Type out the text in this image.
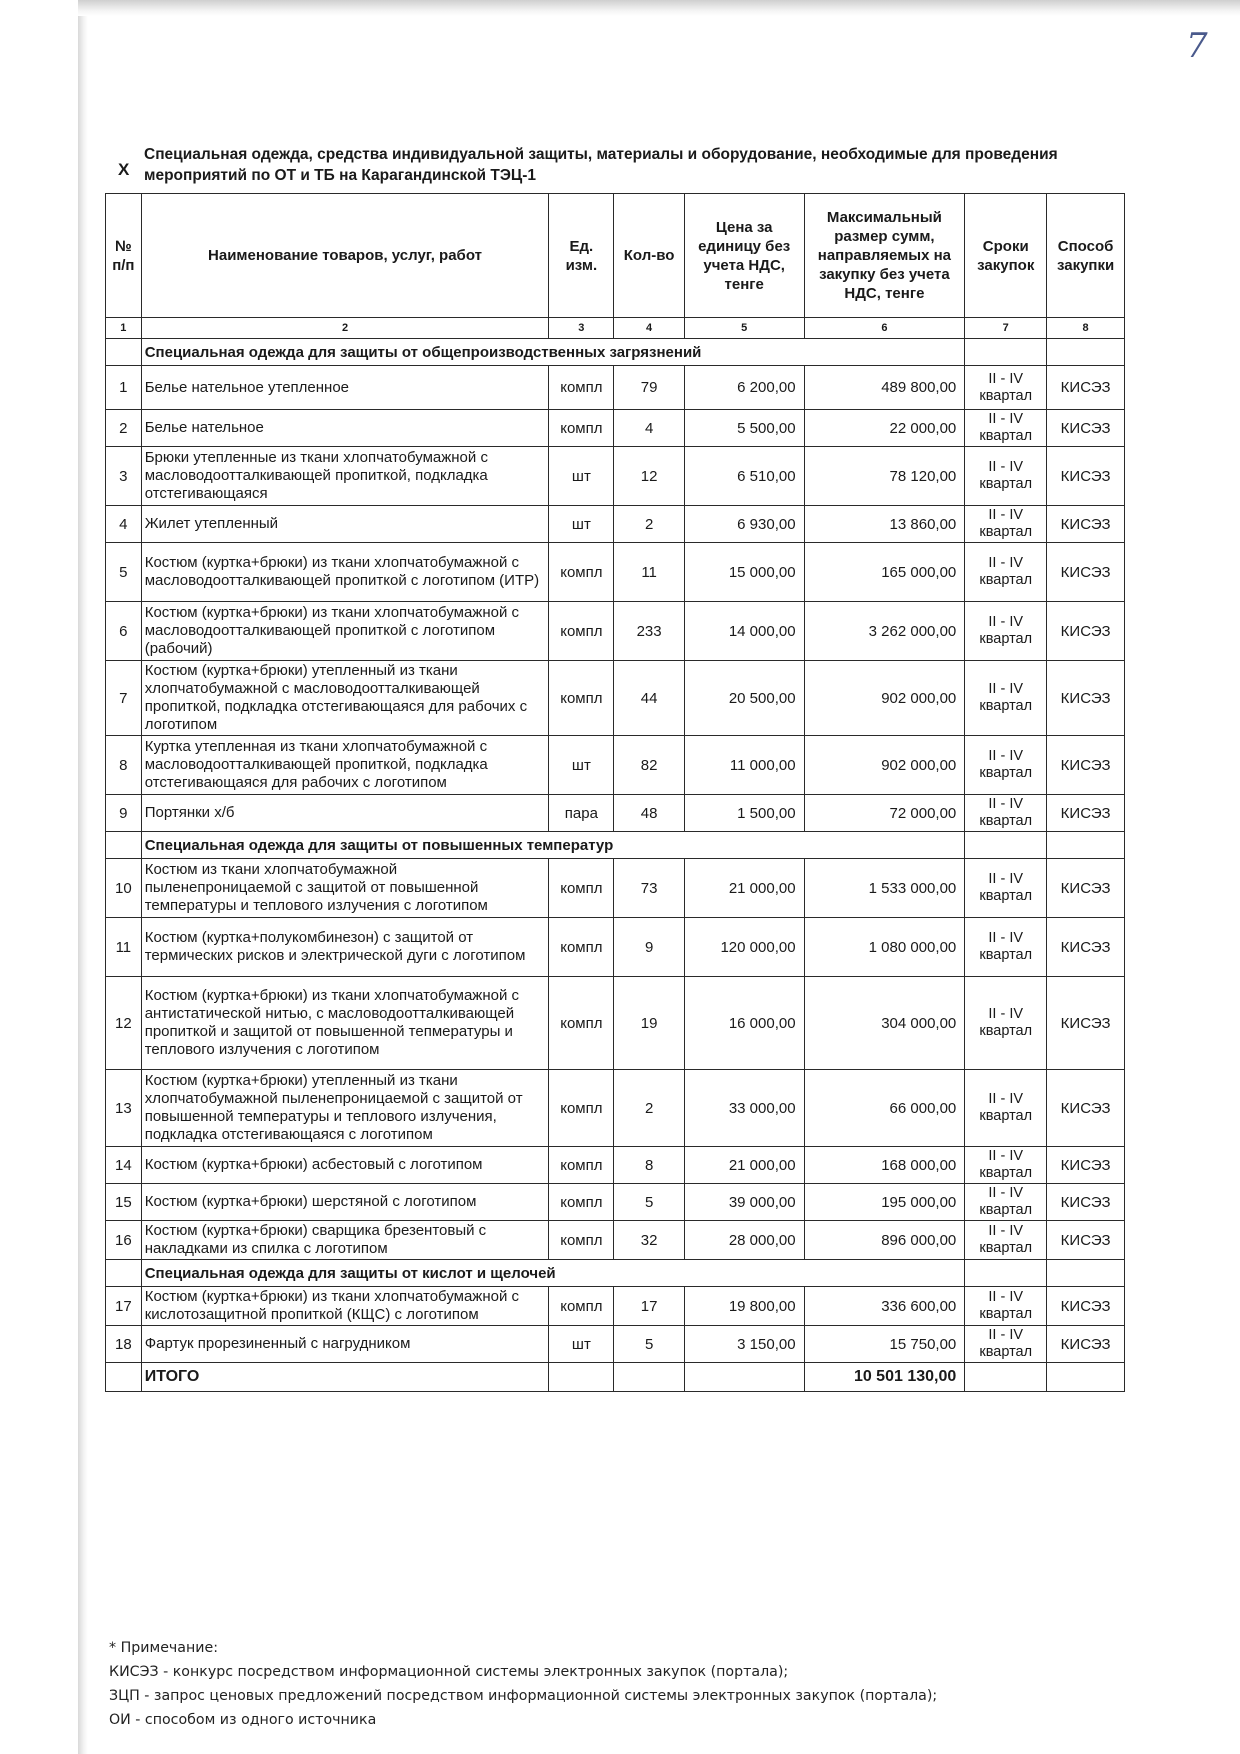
7
X
Специальная одежда, средства индивидуальной защиты, материалы и оборудование, необходимые для проведения мероприятий по ОТ и ТБ на Карагандинской ТЭЦ-1
№ п/п	Наименование товаров, услуг, работ	Ед. изм.	Кол-во	Цена за единицу без учета НДС, тенге	Максимальный размер сумм, направляемых на закупку без учета НДС, тенге	Сроки закупок	Способ закупки
1	2	3	4	5	6	7	8
	Специальная одежда для защиты от общепроизводственных загрязнений						
1	Белье нательное утепленное	компл	79	6 200,00	489 800,00	II - IV квартал	КИСЭЗ
2	Белье нательное	компл	4	5 500,00	22 000,00	II - IV квартал	КИСЭЗ
3	Брюки утепленные из ткани хлопчатобумажной с масловодоотталкивающей пропиткой, подкладка отстегивающаяся	шт	12	6 510,00	78 120,00	II - IV квартал	КИСЭЗ
4	Жилет утепленный	шт	2	6 930,00	13 860,00	II - IV квартал	КИСЭЗ
5	Костюм (куртка+брюки) из ткани хлопчатобумажной с масловодоотталкивающей пропиткой с логотипом (ИТР)	компл	11	15 000,00	165 000,00	II - IV квартал	КИСЭЗ
6	Костюм (куртка+брюки) из ткани хлопчатобумажной с масловодоотталкивающей пропиткой с логотипом (рабочий)	компл	233	14 000,00	3 262 000,00	II - IV квартал	КИСЭЗ
7	Костюм (куртка+брюки) утепленный из ткани хлопчатобумажной с масловодоотталкивающей пропиткой, подкладка отстегивающаяся для рабочих с логотипом	компл	44	20 500,00	902 000,00	II - IV квартал	КИСЭЗ
8	Куртка утепленная из ткани хлопчатобумажной с масловодоотталкивающей пропиткой, подкладка отстегивающаяся для рабочих с логотипом	шт	82	11 000,00	902 000,00	II - IV квартал	КИСЭЗ
9	Портянки х/б	пара	48	1 500,00	72 000,00	II - IV квартал	КИСЭЗ
	Специальная одежда для защиты от повышенных температур						
10	Костюм из ткани хлопчатобумажной пыленепроницаемой с защитой от повышенной температуры и теплового излучения с логотипом	компл	73	21 000,00	1 533 000,00	II - IV квартал	КИСЭЗ
11	Костюм (куртка+полукомбинезон) с защитой от термических рисков и электрической дуги с логотипом	компл	9	120 000,00	1 080 000,00	II - IV квартал	КИСЭЗ
12	Костюм (куртка+брюки) из ткани хлопчатобумажной с антистатической нитью, с масловодоотталкивающей пропиткой и защитой от повышенной тепмературы и теплового излучения с логотипом	компл	19	16 000,00	304 000,00	II - IV квартал	КИСЭЗ
13	Костюм (куртка+брюки) утепленный из ткани хлопчатобумажной пыленепроницаемой с защитой от повышенной температуры и теплового излучения, подкладка отстегивающаяся с логотипом	компл	2	33 000,00	66 000,00	II - IV квартал	КИСЭЗ
14	Костюм (куртка+брюки) асбестовый с логотипом	компл	8	21 000,00	168 000,00	II - IV квартал	КИСЭЗ
15	Костюм (куртка+брюки) шерстяной с логотипом	компл	5	39 000,00	195 000,00	II - IV квартал	КИСЭЗ
16	Костюм (куртка+брюки) сварщика брезентовый с накладками из спилка с логотипом	компл	32	28 000,00	896 000,00	II - IV квартал	КИСЭЗ
	Специальная одежда для защиты от кислот и щелочей						
17	Костюм (куртка+брюки) из ткани хлопчатобумажной с кислотозащитной пропиткой (КЩС) с логотипом	компл	17	19 800,00	336 600,00	II - IV квартал	КИСЭЗ
18	Фартук прорезиненный с нагрудником	шт	5	3 150,00	15 750,00	II - IV квартал	КИСЭЗ
	ИТОГО				10 501 130,00		
* Примечание:
КИСЭЗ - конкурс посредством информационной системы электронных закупок (портала);
ЗЦП - запрос ценовых предложений посредством информационной системы электронных закупок (портала);
ОИ - способом из одного источника
